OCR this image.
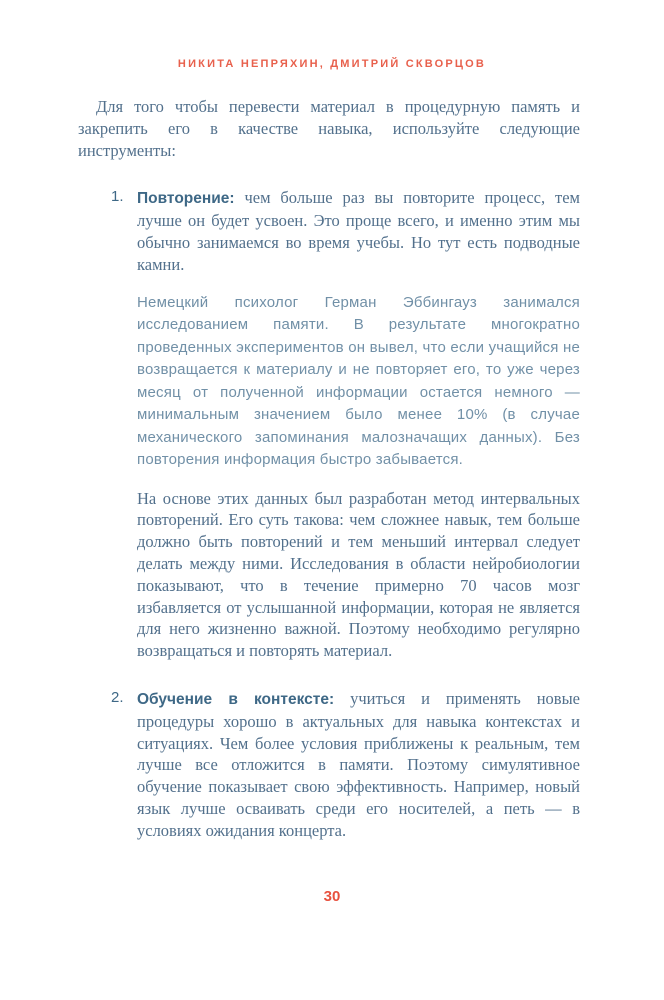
НИКИТА НЕПРЯХИН, ДМИТРИЙ СКВОРЦОВ

Для того чтобы перевести материал в процедурную память и закрепить его в качестве навыка, используйте следующие инструменты:

1. Повторение: чем больше раз вы повторите процесс, тем лучше он будет усвоен. Это проще всего, и именно этим мы обычно занимаемся во время учебы. Но тут есть подводные камни.

Немецкий психолог Герман Эббингауз занимался исследованием памяти. В результате многократно проведенных экспериментов он вывел, что если учащийся не возвращается к материалу и не повторяет его, то уже через месяц от полученной информации остается немного — минимальным значением было менее 10% (в случае механического запоминания малозначащих данных). Без повторения информация быстро забывается.

На основе этих данных был разработан метод интервальных повторений. Его суть такова: чем сложнее навык, тем больше должно быть повторений и тем меньший интервал следует делать между ними. Исследования в области нейробиологии показывают, что в течение примерно 70 часов мозг избавляется от услышанной информации, которая не является для него жизненно важной. Поэтому необходимо регулярно возвращаться и повторять материал.

2. Обучение в контексте: учиться и применять новые процедуры хорошо в актуальных для навыка контекстах и ситуациях. Чем более условия приближены к реальным, тем лучше все отложится в памяти. Поэтому симулятивное обучение показывает свою эффективность. Например, новый язык лучше осваивать среди его носителей, а петь — в условиях ожидания концерта.

30
